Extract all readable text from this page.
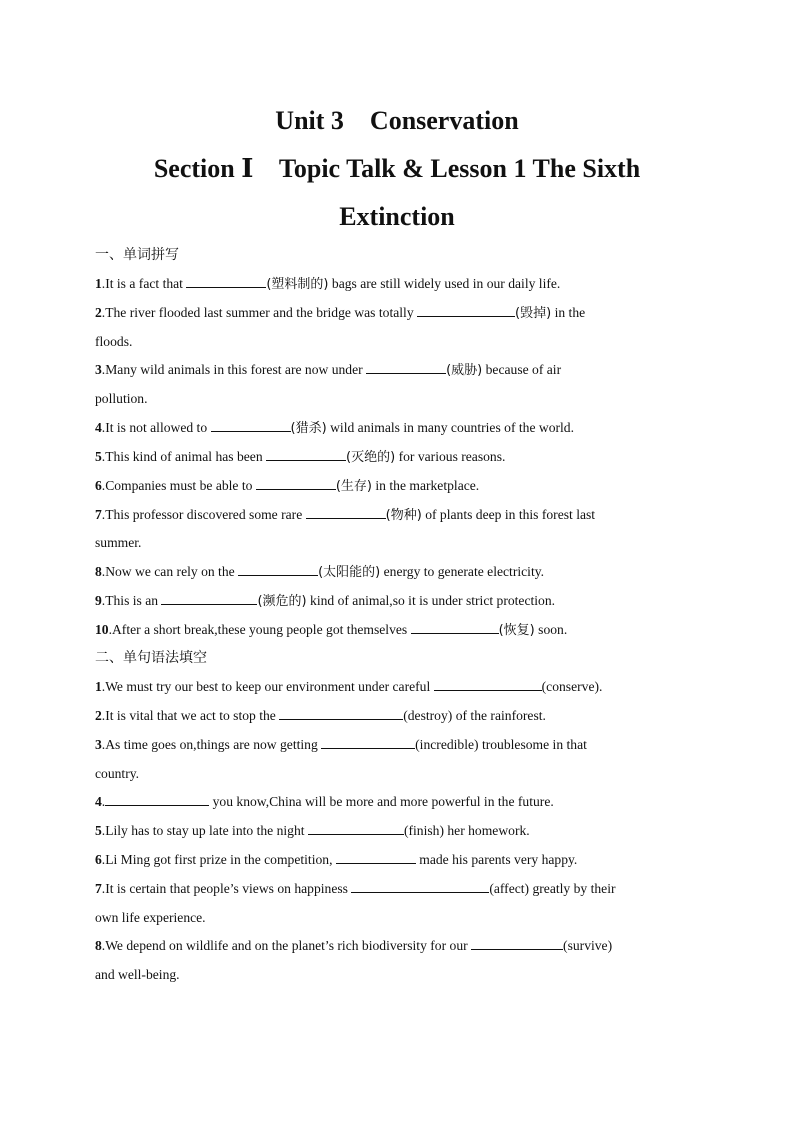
Unit 3    Conservation
Section Ⅰ    Topic Talk & Lesson 1 The Sixth
Extinction
一、单词拼写
1.It is a fact that	(塑料制的) bags are still widely used in our daily life.
2.The river flooded last summer and the bridge was totally	(毁掉) in the
floods.
3.Many wild animals in this forest are now under	(威胁) because of air
pollution.
4.It is not allowed to	(猎杀) wild animals in many countries of the world.
5.This kind of animal has been	(灭绝的) for various reasons.
6.Companies must be able to	(生存) in the marketplace.
7.This professor discovered some rare	(物种) of plants deep in this forest last
summer.
8.Now we can rely on the	(太阳能的) energy to generate electricity.
9.This is an	(濒危的) kind of animal,so it is under strict protection.
10.After a short break,these young people got themselves	(恢复) soon.
二、单句语法填空
1.We must try our best to keep our environment under careful	(conserve).
2.It is vital that we act to stop the	(destroy) of the rainforest.
3.As time goes on,things are now getting	(incredible) troublesome in that
country.
4.	you know,China will be more and more powerful in the future.
5.Lily has to stay up late into the night	(finish) her homework.
6.Li Ming got first prize in the competition,	made his parents very happy.
7.It is certain that people’s views on happiness	(affect) greatly by their
own life experience.
8.We depend on wildlife and on the planet’s rich biodiversity for our	(survive)
and well-being.
